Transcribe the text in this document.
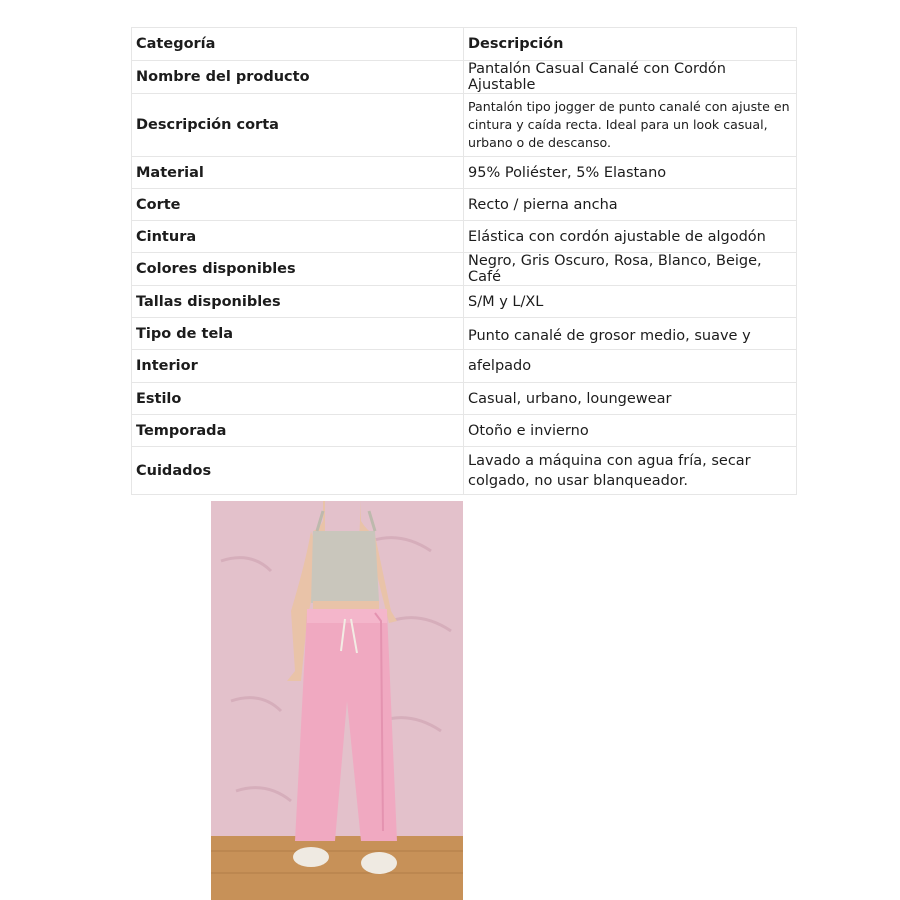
Categoría	Descripción
Nombre del producto	Pantalón Casual Canalé con Cordón Ajustable
Descripción corta	Pantalón tipo jogger de punto canalé con ajuste en cintura y caída recta. Ideal para un look casual, urbano o de descanso.
Material	95% Poliéster, 5% Elastano
Corte	Recto / pierna ancha
Cintura	Elástica con cordón ajustable de algodón
Colores disponibles	Negro, Gris Oscuro, Rosa, Blanco, Beige, Café
Tallas disponibles	S/M y L/XL
Tipo de tela	Punto canalé de grosor medio, suave y

Interior	afelpado
Estilo	Casual, urbano, loungewear
Temporada	Otoño e invierno
Cuidados	Lavado a máquina con agua fría, secar colgado, no usar blanqueador.
